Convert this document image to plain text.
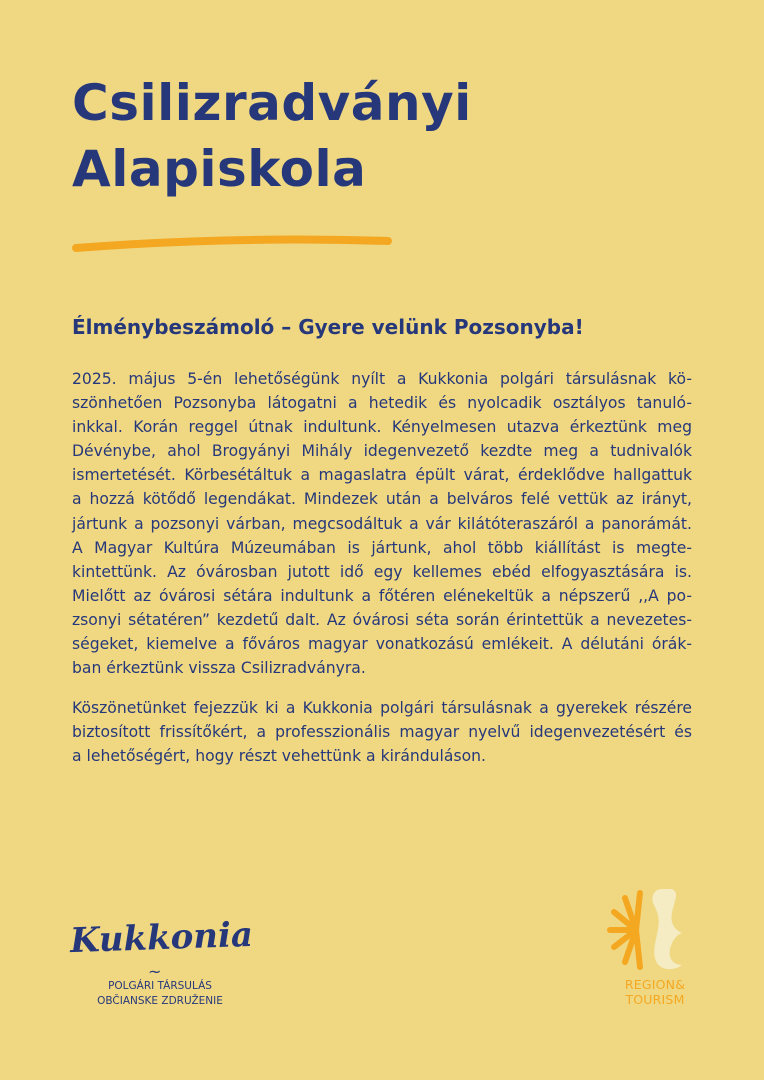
Csilizradványi
Alapiskola
Élménybeszámoló – Gyere velünk Pozsonyba!

2025. május 5-én lehetőségünk nyílt a Kukkonia polgári társulásnak kö-
szönhetően Pozsonyba látogatni a hetedik és nyolcadik osztályos tanuló-
inkkal. Korán reggel útnak indultunk. Kényelmesen utazva érkeztünk meg
Dévénybe, ahol Brogyányi Mihály idegenvezető kezdte meg a tudnivalók
ismertetését. Körbesétáltuk a magaslatra épült várat, érdeklődve hallgattuk
a hozzá kötődő legendákat. Mindezek után a belváros felé vettük az irányt,
jártunk a pozsonyi várban, megcsodáltuk a vár kilátóteraszáról a panorámát.
A Magyar Kultúra Múzeumában is jártunk, ahol több kiállítást is megte-
kintettünk. Az óvárosban jutott idő egy kellemes ebéd elfogyasztására is.
Mielőtt az óvárosi sétára indultunk a főtéren elénekeltük a népszerű ,,A po-
zsonyi sétatéren” kezdetű dalt. Az óvárosi séta során érintettük a nevezetes-
ségeket, kiemelve a főváros magyar vonatkozású emlékeit. A délutáni órák-
ban érkeztünk vissza Csilizradványra.

Köszönetünket fejezzük ki a Kukkonia polgári társulásnak a gyerekek részére
biztosított frissítőkért, a professzionális magyar nyelvű idegenvezetésért és
a lehetőségért, hogy részt vehettünk a kiránduláson.

Kukkonia
~
POLGÁRI TÁRSULÁS
OBČIANSKE ZDRUŽENIE
REGION&
TOURISM
